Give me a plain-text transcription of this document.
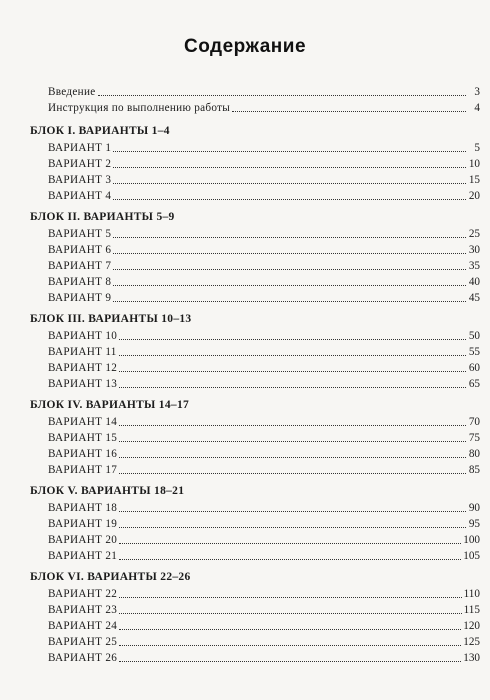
Содержание
Введение	3
Инструкция по выполнению работы	4
БЛОК I. ВАРИАНТЫ 1–4
ВАРИАНТ 1	5
ВАРИАНТ 2	10
ВАРИАНТ 3	15
ВАРИАНТ 4	20
БЛОК II. ВАРИАНТЫ 5–9
ВАРИАНТ 5	25
ВАРИАНТ 6	30
ВАРИАНТ 7	35
ВАРИАНТ 8	40
ВАРИАНТ 9	45
БЛОК III. ВАРИАНТЫ 10–13
ВАРИАНТ 10	50
ВАРИАНТ 11	55
ВАРИАНТ 12	60
ВАРИАНТ 13	65
БЛОК IV. ВАРИАНТЫ 14–17
ВАРИАНТ 14	70
ВАРИАНТ 15	75
ВАРИАНТ 16	80
ВАРИАНТ 17	85
БЛОК V. ВАРИАНТЫ 18–21
ВАРИАНТ 18	90
ВАРИАНТ 19	95
ВАРИАНТ 20	100
ВАРИАНТ 21	105
БЛОК VI. ВАРИАНТЫ 22–26
ВАРИАНТ 22	110
ВАРИАНТ 23	115
ВАРИАНТ 24	120
ВАРИАНТ 25	125
ВАРИАНТ 26	130
